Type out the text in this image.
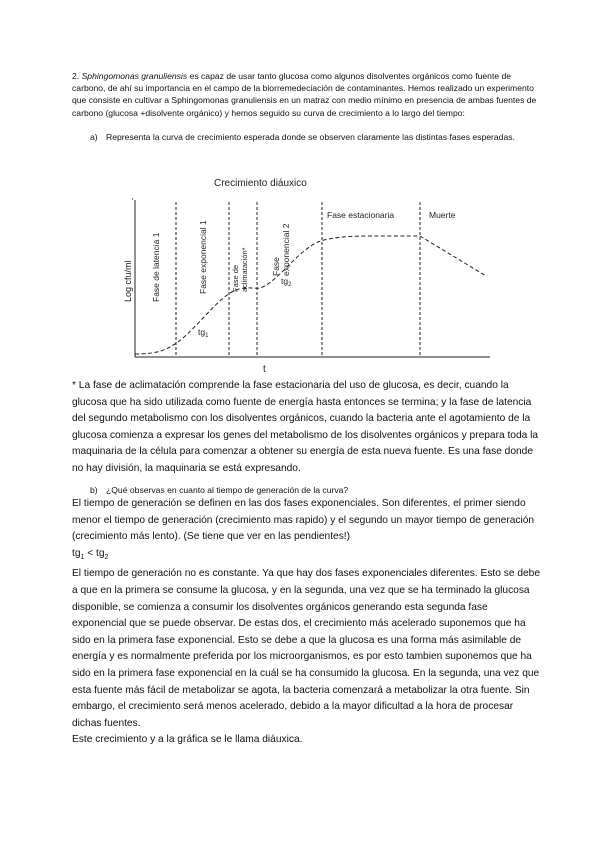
2. Sphingomonas granuliensis es capaz de usar tanto glucosa como algunos disolventes orgánicos como fuente de carbono, de ahí su importancia en el campo de la biorremedeciación de contaminantes. Hemos realizado un experimento que consiste en cultivar a Sphingomonas granuliensis en un matraz con medio mínimo en presencia de ambas fuentes de carbono (glucosa +disolvente orgánico) y hemos seguido su curva de crecimiento a lo largo del tiempo:

a) Representa la curva de crecimiento esperada donde se observen claramente las distintas fases esperadas.
Crecimiento diáuxico
'
Log cfu/ml
t
Fase de latencia 1	Fase exponencial 1	Fase de aclimatación*	Fase exponencial 2
Fase estacionaria	Muerte
$tg_1$
$tg_2$

* La fase de aclimatación comprende la fase estacionaria del uso de glucosa, es decir, cuando la glucosa que ha sido utilizada como fuente de energía hasta entonces se termina; y la fase de latencia del segundo metabolismo con los disolventes orgánicos, cuando la bacteria ante el agotamiento de la glucosa comienza a expresar los genes del metabolismo de los disolventes orgánicos y prepara toda la maquinaria de la célula para comenzar a obtener su energía de esta nueva fuente. Es una fase donde no hay división, la maquinaria se está expresando.

b) ¿Qué observas en cuanto al tiempo de generación de la curva?

El tiempo de generación se definen en las dos fases exponenciales. Son diferentes, el primer siendo menor el tiempo de generación (crecimiento mas rapido) y el segundo un mayor tiempo de generación (crecimiento más lento). (Se tiene que ver en las pendientes!)

$tg_1 < tg_2$

El tiempo de generación no es constante. Ya que hay dos fases exponenciales diferentes. Esto se debe a que en la primera se consume la glucosa, y en la segunda, una vez que se ha terminado la glucosa disponible, se comienza a consumir los disolventes orgánicos generando esta segunda fase exponencial que se puede observar. De estas dos, el crecimiento más acelerado suponemos que ha sido en la primera fase exponencial. Esto se debe a que la glucosa es una forma más asimilable de energía y es normalmente preferida por los microorganismos, es por esto tambien suponemos que ha sido en la primera fase exponencial en la cuál se ha consumido la glucosa. En la segunda, una vez que esta fuente más fácil de metabolizar se agota, la bacteria comenzará a metabolizar la otra fuente. Sin embargo, el crecimiento será menos acelerado, debido a la mayor dificultad a la hora de procesar dichas fuentes.

Este crecimiento y a la gráfica se le llama diáuxica.
